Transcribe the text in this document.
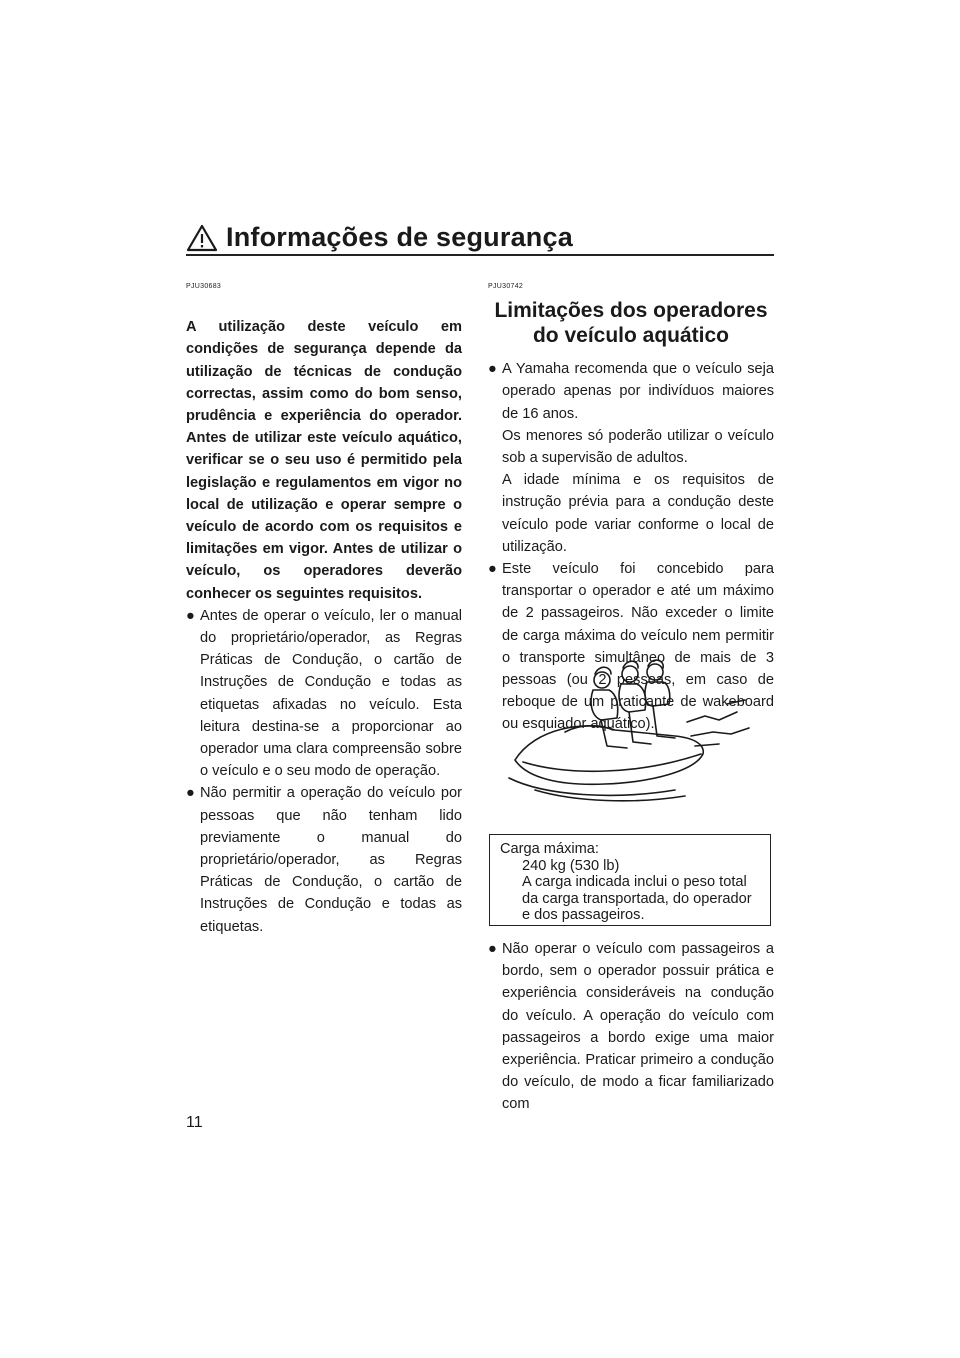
Informações de segurança
PJU30683
A utilização deste veículo em condições de segurança depende da utilização de técnicas de condução correctas, assim como do bom senso, prudência e experiência do operador. Antes de utilizar este veículo aquático, verificar se o seu uso é permitido pela legislação e regulamentos em vigor no local de utilização e operar sempre o veículo de acordo com os requisitos e limitações em vigor. Antes de utilizar o veículo, os operadores deverão conhecer os seguintes requisitos.
● Antes de operar o veículo, ler o manual do proprietário/operador, as Regras Práticas de Condução, o cartão de Instruções de Condução e todas as etiquetas afixadas no veículo. Esta leitura destina-se a proporcionar ao operador uma clara compreensão sobre o veículo e o seu modo de operação.
● Não permitir a operação do veículo por pessoas que não tenham lido previamente o manual do proprietário/operador, as Regras Práticas de Condução, o cartão de Instruções de Condução e todas as etiquetas.
PJU30742
Limitações dos operadores do veículo aquático
● A Yamaha recomenda que o veículo seja operado apenas por indivíduos maiores de 16 anos.
Os menores só poderão utilizar o veículo sob a supervisão de adultos.
A idade mínima e os requisitos de instrução prévia para a condução deste veículo pode variar conforme o local de utilização.
● Este veículo foi concebido para transportar o operador e até um máximo de 2 passageiros. Não exceder o limite de carga máxima do veículo nem permitir o transporte simultâneo de mais de 3 pessoas (ou 2 pessoas, em caso de reboque de um praticante de wakeboard ou esquiador aquático).
Carga máxima:
240 kg (530 lb)
A carga indicada inclui o peso total da carga transportada, do operador e dos passageiros.
● Não operar o veículo com passageiros a bordo, sem o operador possuir prática e experiência consideráveis na condução do veículo. A operação do veículo com passageiros a bordo exige uma maior experiência. Praticar primeiro a condução do veículo, de modo a ficar familiarizado com
11
